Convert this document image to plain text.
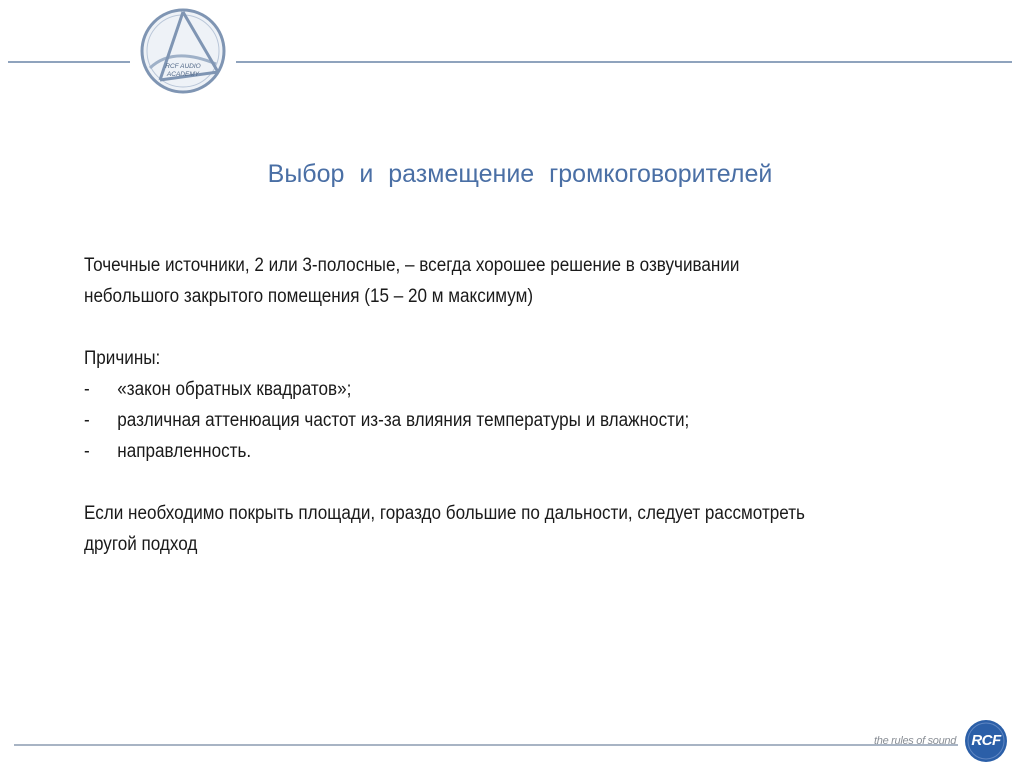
RCF AUDIO
ACADEMY
Выбор и размещение громкоговорителей

Точечные источники, 2 или 3-полосные, – всегда хорошее решение в озвучивании

небольшого закрытого помещения (15 – 20 м максимум)

Причины:

-	«закон обратных квадратов»;
-	различная аттенюация частот из-за влияния температуры и влажности;
-	направленность.

Если необходимо покрыть площади, гораздо большие по дальности, следует рассмотреть

другой подход

the rules of sound	RCF
